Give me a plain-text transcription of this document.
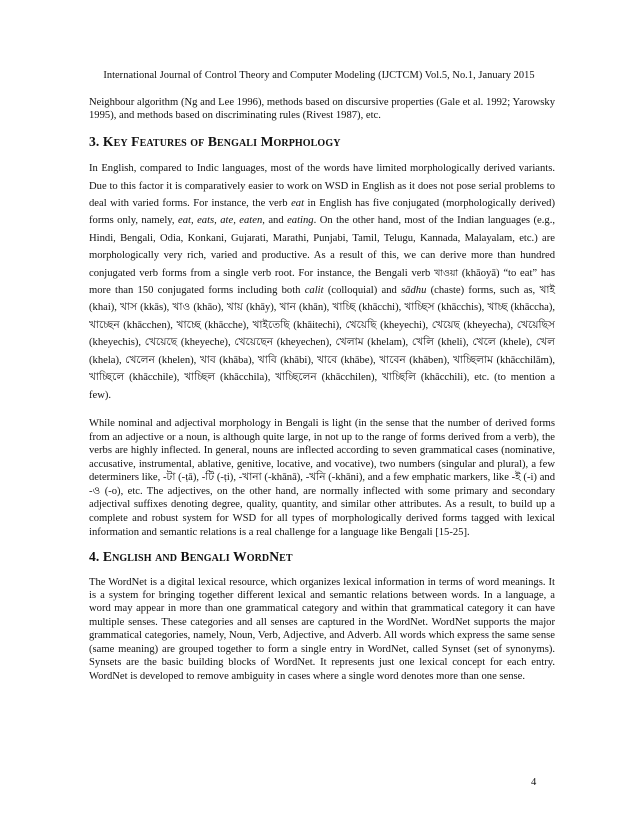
International Journal of Control Theory and Computer Modeling (IJCTCM) Vol.5, No.1, January 2015

Neighbour algorithm (Ng and Lee 1996), methods based on discursive properties (Gale et al. 1992; Yarowsky 1995), and methods based on discriminating rules (Rivest 1987), etc.

3. Key Features of Bengali Morphology

In English, compared to Indic languages, most of the words have limited morphologically derived variants. Due to this factor it is comparatively easier to work on WSD in English as it does not pose serial problems to deal with varied forms. For instance, the verb eat in English has five conjugated (morphologically derived) forms only, namely, eat, eats, ate, eaten, and eating. On the other hand, most of the Indian languages (e.g., Hindi, Bengali, Odia, Konkani, Gujarati, Marathi, Punjabi, Tamil, Telugu, Kannada, Malayalam, etc.) are morphologically very rich, varied and productive. As a result of this, we can derive more than hundred conjugated verb forms from a single verb root. For instance, the Bengali verb খাওয়া (khāoyā) “to eat” has more than 150 conjugated forms including both calit (colloquial) and sādhu (chaste) forms, such as, খাই (khai), খাস (kkās), খাও (khāo), খায় (khāy), খান (khān), খাচ্ছি (khācchi), খাচ্ছিস (khācchis), খাচ্ছ (khāccha), খাচ্ছেন (khācchen), খাচ্ছে (khācche), খাইতেছি (khāitechi), খেয়েছি (kheyechi), খেয়েছ (kheyecha), খেয়েছিস (kheyechis), খেয়েছে (kheyeche), খেয়েছেন (kheyechen), খেলাম (khelam), খেলি (kheli), খেলে (khele), খেল (khela), খেলেন (khelen), খাব (khāba), খাবি (khābi), খাবে (khābe), খাবেন (khāben), খাচ্ছিলাম (khācchilām), খাচ্ছিলে (khācchile), খাচ্ছিল (khācchila), খাচ্ছিলেন (khācchilen), খাচ্ছিলি (khācchili), etc. (to mention a few).

While nominal and adjectival morphology in Bengali is light (in the sense that the number of derived forms from an adjective or a noun, is although quite large, in not up to the range of forms derived from a verb), the verbs are highly inflected. In general, nouns are inflected according to seven grammatical cases (nominative, accusative, instrumental, ablative, genitive, locative, and vocative), two numbers (singular and plural), a few determiners like, -টা (-ṭā), -টি (-ṭi), -খানা (-khānā), -খনি (-khāni), and a few emphatic markers, like -ই (-i) and -ও (-o), etc. The adjectives, on the other hand, are normally inflected with some primary and secondary adjectival suffixes denoting degree, quality, quantity, and similar other attributes. As a result, to build up a complete and robust system for WSD for all types of morphologically derived forms tagged with lexical information and semantic relations is a real challenge for a language like Bengali [15-25].

4. English and Bengali WordNet

The WordNet is a digital lexical resource, which organizes lexical information in terms of word meanings. It is a system for bringing together different lexical and semantic relations between words. In a language, a word may appear in more than one grammatical category and within that grammatical category it can have multiple senses. These categories and all senses are captured in the WordNet. WordNet supports the major grammatical categories, namely, Noun, Verb, Adjective, and Adverb. All words which express the same sense (same meaning) are grouped together to form a single entry in WordNet, called Synset (set of synonyms). Synsets are the basic building blocks of WordNet. It represents just one lexical concept for each entry. WordNet is developed to remove ambiguity in cases where a single word denotes more than one sense.

4
